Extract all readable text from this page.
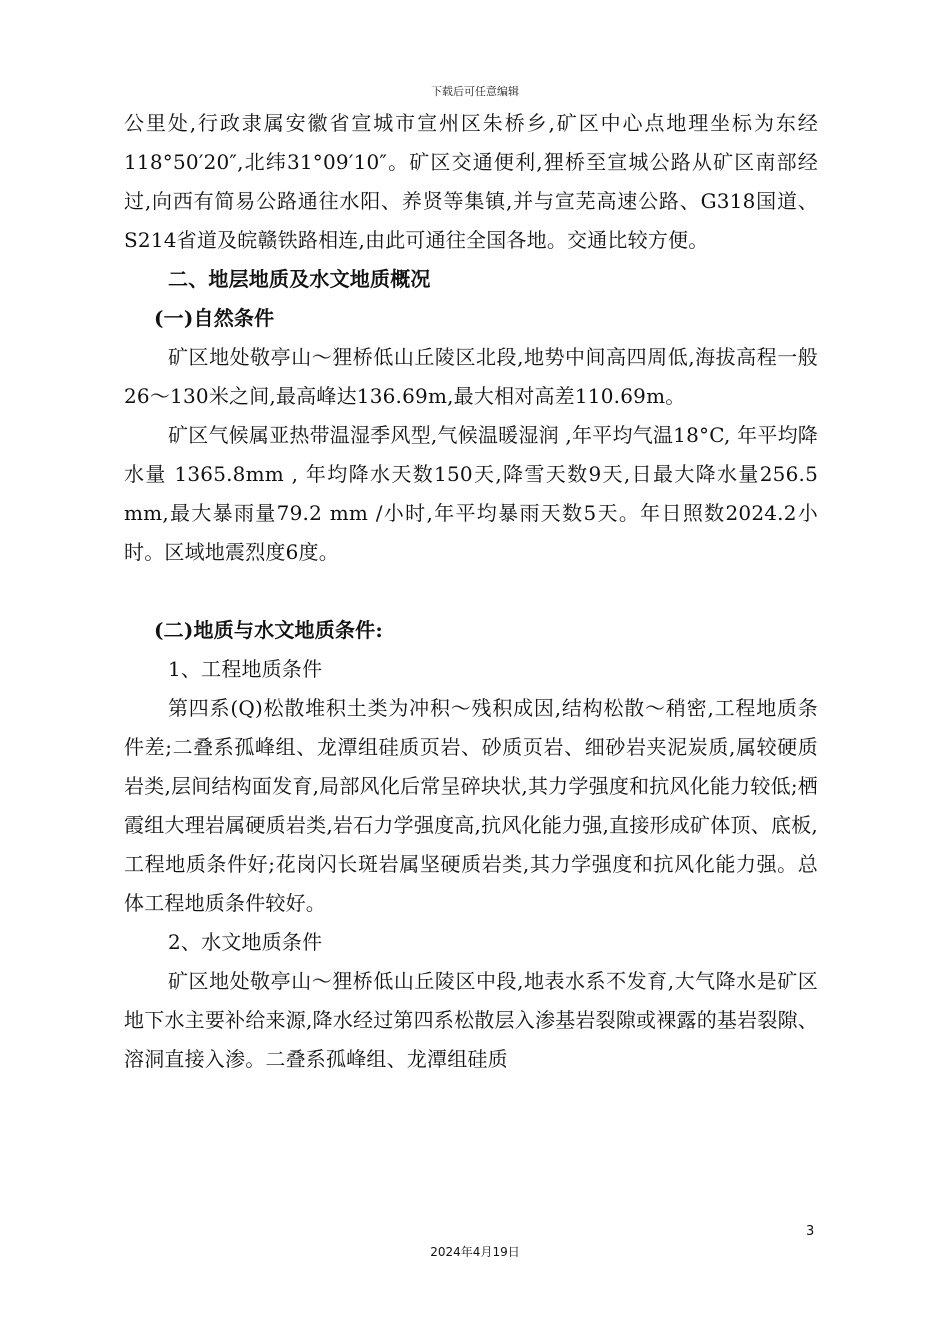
下载后可任意编辑

公里处,行政隶属安徽省宣城市宣州区朱桥乡,矿区中心点地理坐标为东经118°50′20″,北纬31°09′10″。矿区交通便利,狸桥至宣城公路从矿区南部经过,向西有简易公路通往水阳、养贤等集镇,并与宣芜高速公路、G318国道、S214省道及皖赣铁路相连,由此可通往全国各地。交通比较方便。

二、地层地质及水文地质概况

(一)自然条件

矿区地处敬亭山～狸桥低山丘陵区北段,地势中间高四周低,海拔高程一般26～130米之间,最高峰达136.69m,最大相对高差110.69m。

矿区气候属亚热带温湿季风型,气候温暖湿润 ,年平均气温18°C, 年平均降水量 1365.8mm , 年均降水天数150天,降雪天数9天,日最大降水量256.5 mm,最大暴雨量79.2 mm /小时,年平均暴雨天数5天。年日照数2024.2小时。区域地震烈度6度。

(二)地质与水文地质条件:

1、工程地质条件

第四系(Q)松散堆积土类为冲积～残积成因,结构松散～稍密,工程地质条件差;二叠系孤峰组、龙潭组硅质页岩、砂质页岩、细砂岩夹泥炭质,属较硬质岩类,层间结构面发育,局部风化后常呈碎块状,其力学强度和抗风化能力较低;栖霞组大理岩属硬质岩类,岩石力学强度高,抗风化能力强,直接形成矿体顶、底板,工程地质条件好;花岗闪长斑岩属坚硬质岩类,其力学强度和抗风化能力强。总体工程地质条件较好。

2、水文地质条件

矿区地处敬亭山～狸桥低山丘陵区中段,地表水系不发育,大气降水是矿区地下水主要补给来源,降水经过第四系松散层入渗基岩裂隙或裸露的基岩裂隙、溶洞直接入渗。二叠系孤峰组、龙潭组硅质

3
2024年4月19日
